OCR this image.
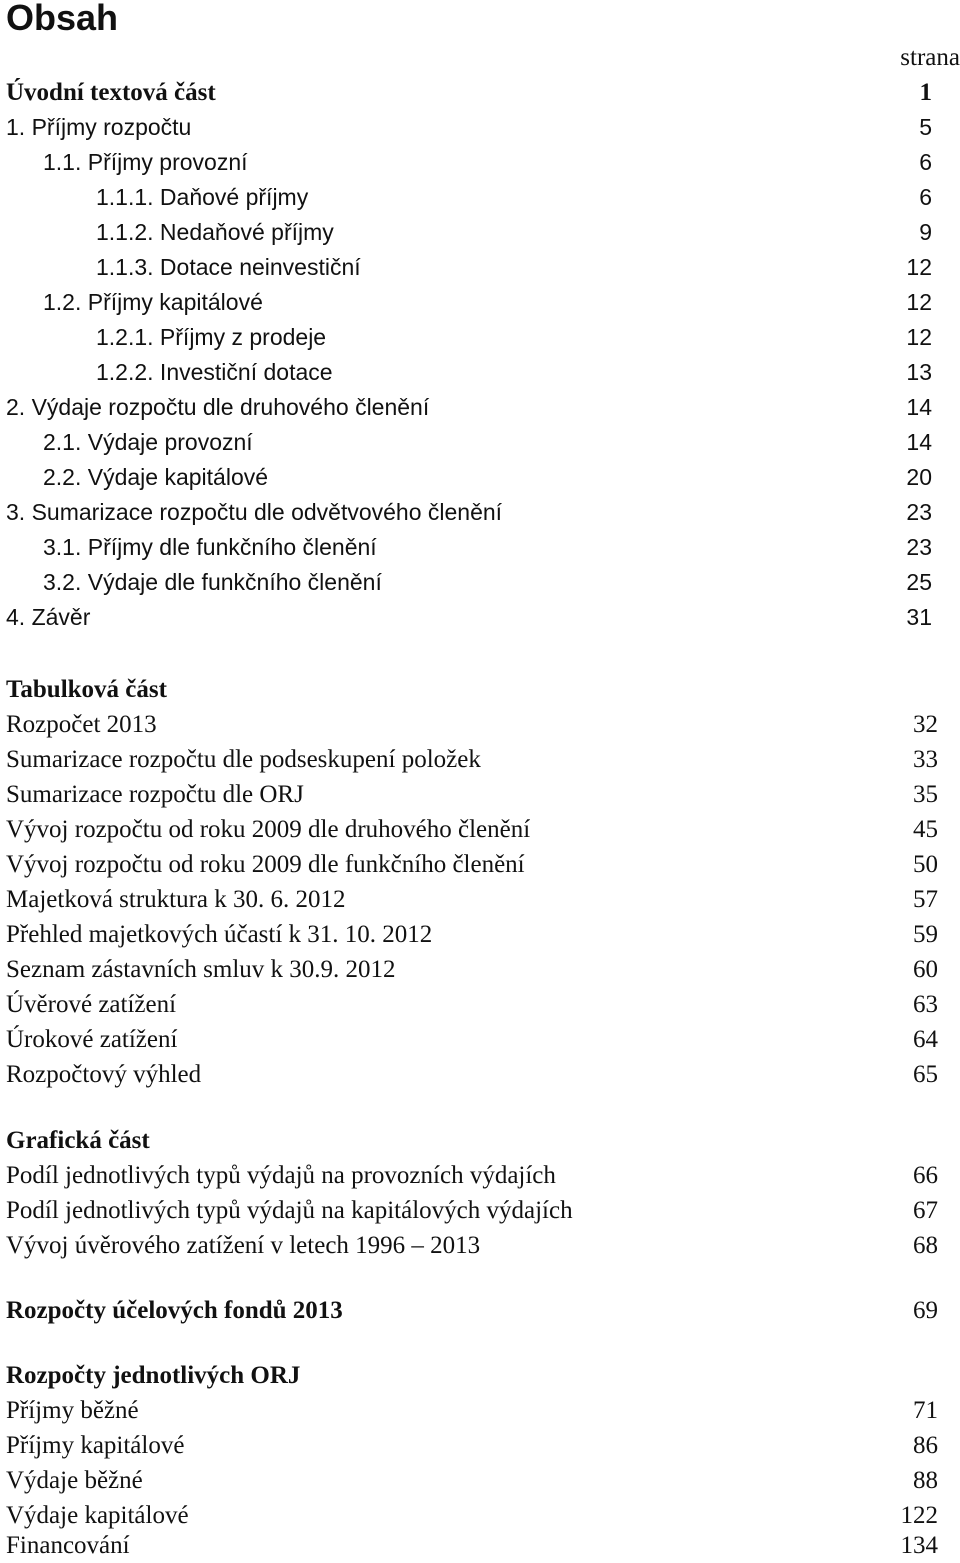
Obsah
strana
Úvodní textová část	1
1. Příjmy rozpočtu	5
1.1. Příjmy provozní	6
1.1.1. Daňové příjmy	6
1.1.2. Nedaňové příjmy	9
1.1.3. Dotace neinvestiční	12
1.2. Příjmy kapitálové	12
1.2.1. Příjmy z prodeje	12
1.2.2. Investiční dotace	13
2. Výdaje rozpočtu dle druhového členění	14
2.1. Výdaje provozní	14
2.2. Výdaje kapitálové	20
3. Sumarizace rozpočtu dle odvětvového členění	23
3.1. Příjmy dle funkčního členění	23
3.2. Výdaje dle funkčního členění	25
4. Závěr	31
Tabulková část
Rozpočet 2013	32
Sumarizace rozpočtu dle podseskupení položek	33
Sumarizace rozpočtu dle ORJ	35
Vývoj rozpočtu od roku 2009 dle druhového členění	45
Vývoj rozpočtu od roku 2009 dle funkčního členění	50
Majetková struktura k 30. 6. 2012	57
Přehled majetkových účastí k 31. 10. 2012	59
Seznam zástavních smluv k 30.9. 2012	60
Úvěrové zatížení	63
Úrokové zatížení	64
Rozpočtový výhled	65
Grafická část
Podíl jednotlivých typů výdajů na provozních výdajích	66
Podíl jednotlivých typů výdajů na kapitálových výdajích	67
Vývoj úvěrového zatížení v letech 1996 – 2013	68
Rozpočty účelových fondů 2013	69
Rozpočty jednotlivých ORJ
Příjmy běžné	71
Příjmy kapitálové	86
Výdaje běžné	88
Výdaje kapitálové	122
Financování	134
